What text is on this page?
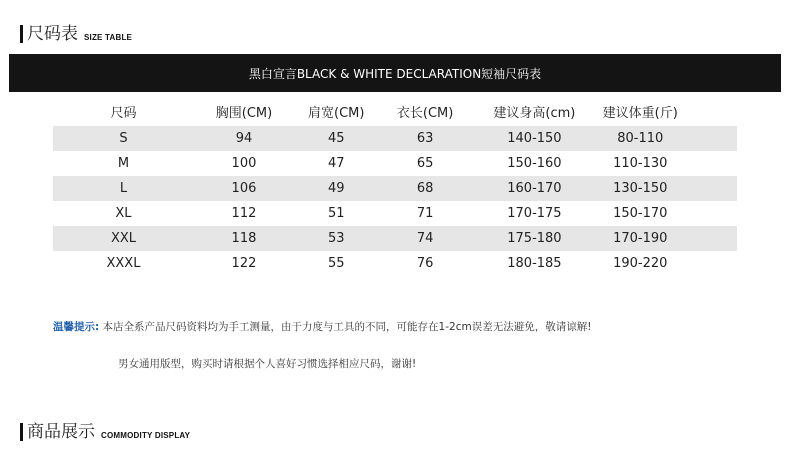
尺码表 SIZE TABLE
黑白宣言BLACK & WHITE DECLARATION短袖尺码表
尺码	胸围(CM)	肩宽(CM)	衣长(CM)	建议身高(cm)	建议体重(斤)	
S	94	45	63	140-150	80-110	
M	100	47	65	150-160	110-130	
L	106	49	68	160-170	130-150	
XL	112	51	71	170-175	150-170	
XXL	118	53	74	175-180	170-190	
XXXL	122	55	76	180-185	190-220	
温馨提示: 本店全系产品尺码资料均为手工测量，由于力度与工具的不同，可能存在1-2cm误差无法避免，敬请谅解!
男女通用版型，购买时请根据个人喜好习惯选择相应尺码，谢谢!
商品展示 COMMODITY DISPLAY
